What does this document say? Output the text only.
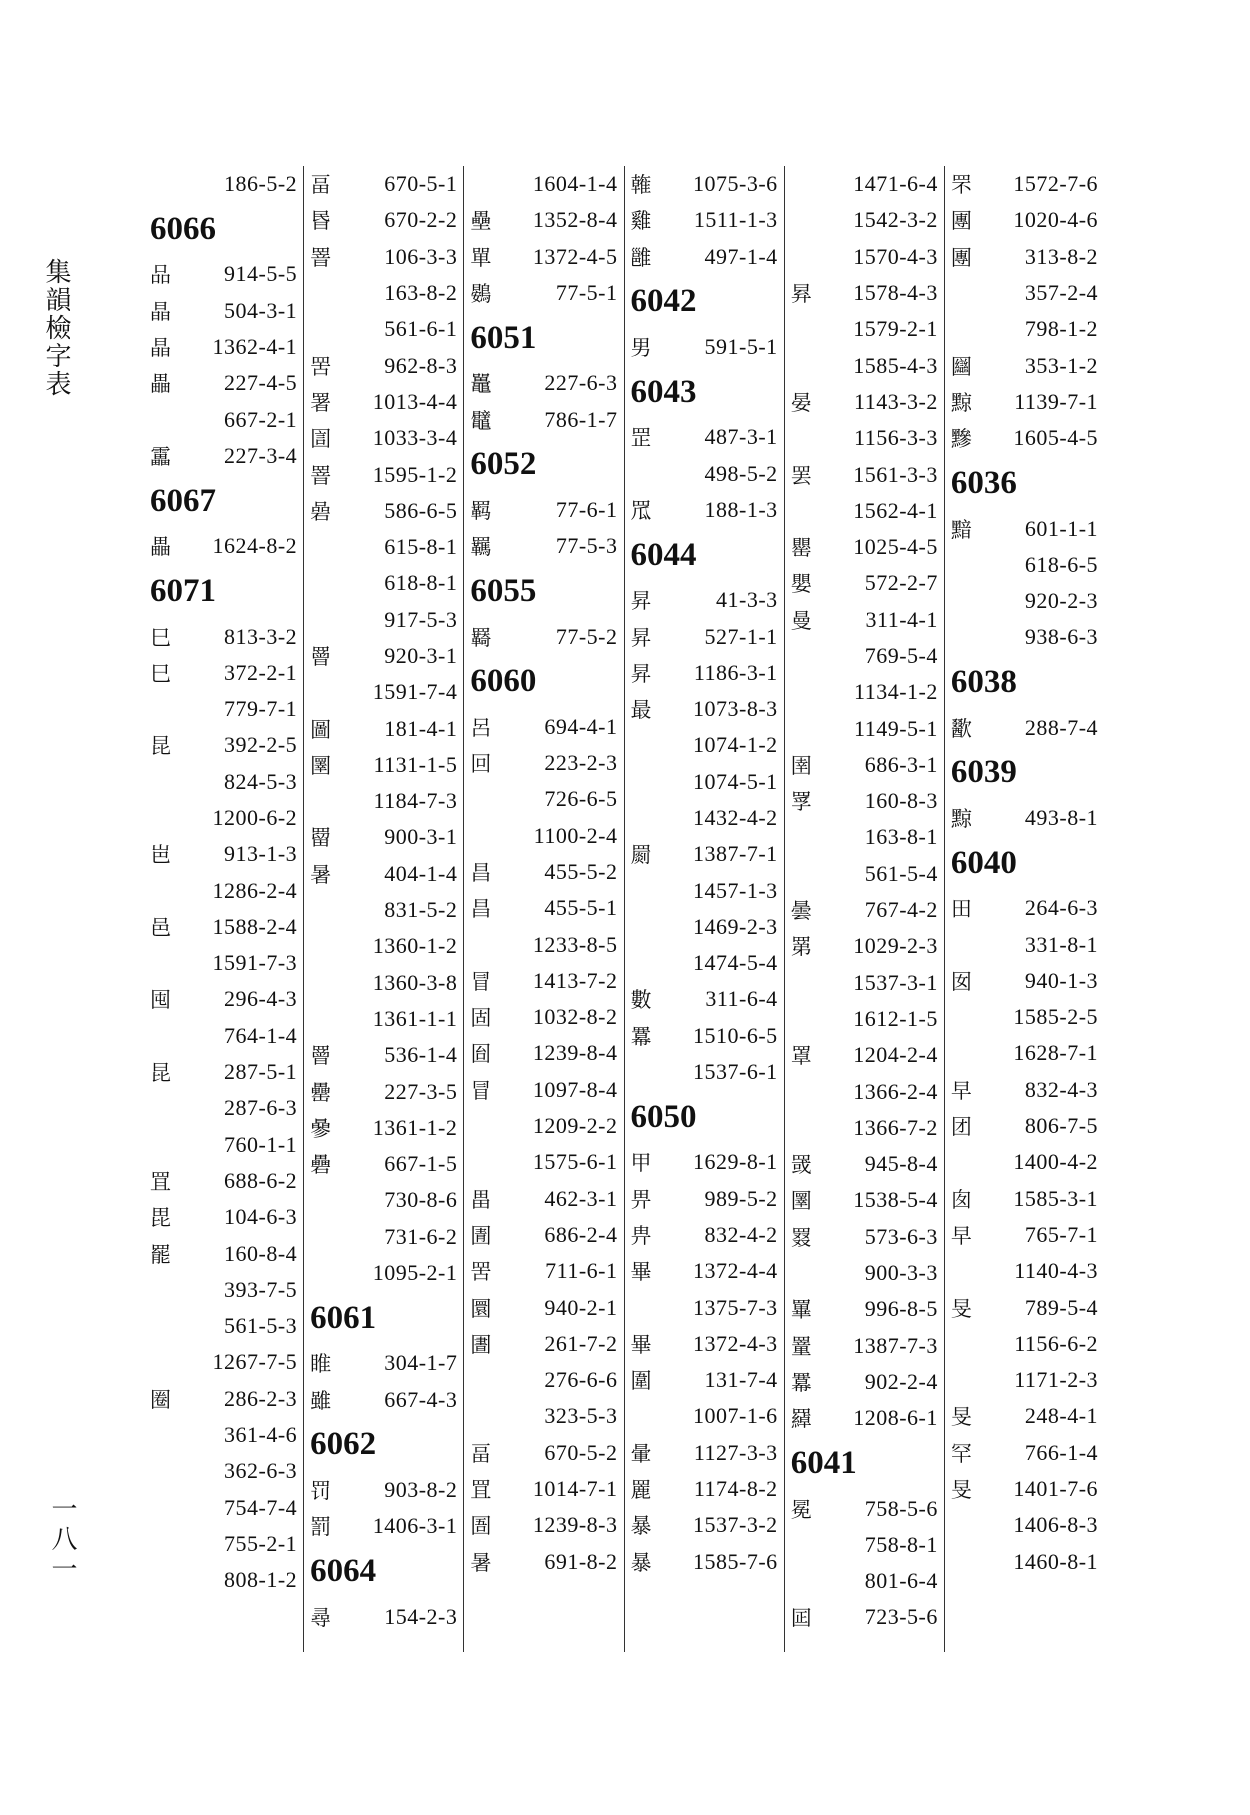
集韻檢字表
一八一
186-5-2
6066
品	914-5-5
晶	504-3-1
晶	1362-4-1
畾	227-4-5
667-2-1
靁	227-3-4
6067
畾	1624-8-2
6071
巳	813-3-2
巳	372-2-1
779-7-1
昆	392-2-5
824-5-3
1200-6-2
岜	913-1-3
1286-2-4
邑	1588-2-4
1591-7-3
囤	296-4-3
764-1-4
昆	287-5-1
287-6-3
760-1-1
罝	688-6-2
毘	104-6-3
罷	160-8-4
393-7-5
561-5-3
1267-7-5
圈	286-2-3
361-4-6
362-6-3
754-7-4
755-2-1
808-1-2
畐	670-5-1
昬	670-2-2
罯	106-3-3
163-8-2
561-6-1
罟	962-8-3
署	1013-4-4
圁	1033-3-4
罯	1595-1-2
碞	586-6-5
615-8-1
618-8-1
917-5-3
罾	920-3-1
1591-7-4
圖	181-4-1
圛	1131-1-5
1184-7-3
罶	900-3-1
暑	404-1-4
831-5-2
1360-1-2
1360-3-8
1361-1-1
罾	536-1-4
罍	227-3-5
曑	1361-1-2
礨	667-1-5
730-8-6
731-6-2
1095-2-1
6061
睢	304-1-7
雖	667-4-3
6062
罚	903-8-2
罰	1406-3-1
6064
尋	154-2-3
1604-1-4
壘	1352-8-4
單	1372-4-5
鷃	77-5-1
6051
鼉	227-6-3
鼊	786-1-7
6052
羁	77-6-1
羈	77-5-3
6055
羇	77-5-2
6060
呂	694-4-1
回	223-2-3
726-6-5
1100-2-4
昌	455-5-2
昌	455-5-1
1233-8-5
冒	1413-7-2
固	1032-8-2
囼	1239-8-4
冒	1097-8-4
1209-2-2
1575-6-1
畕	462-3-1
圊	686-2-4
罟	711-6-1
圜	940-2-1
圕	261-7-2
276-6-6
323-5-3
畐	670-5-2
罝	1014-7-1
圄	1239-8-3
暑	691-8-2
雗	1075-3-6
雞	1511-1-3
雝	497-1-4
6042
男	591-5-1
6043
罡	487-3-1
498-5-2
罛	188-1-3
6044
昇	41-3-3
昇	527-1-1
昇	1186-3-1
最	1073-8-3
1074-1-2
1074-5-1
1432-4-2
罽	1387-7-1
1457-1-3
1469-2-3
1474-5-4
數	311-6-4
羃	1510-6-5
1537-6-1
6050
甲	1629-8-1
畀	989-5-2
畁	832-4-2
畢	1372-4-4
1375-7-3
畢	1372-4-3
圍	131-7-4
1007-1-6
暈	1127-3-3
䍡	1174-8-2
暴	1537-3-2
暴	1585-7-6
1471-6-4
1542-3-2
1570-4-3
昪	1578-4-3
1579-2-1
1585-4-3
晏	1143-3-2
1156-3-3
罢	1561-3-3
1562-4-1
罌	1025-4-5
嬰	572-2-7
曼	311-4-1
769-5-4
1134-1-2
1149-5-1
圉	686-3-1
罦	160-8-3
163-8-1
561-5-4
曇	767-4-2
罤	1029-2-3
1537-3-1
1612-1-5
罩	1204-2-4
1366-2-4
1366-7-2
罭	945-8-4
圛	1538-5-4
罬	573-6-3
900-3-3
罼	996-8-5
罿	1387-7-3
羃	902-2-4
羄	1208-6-1
6041
冕	758-5-6
758-8-1
801-6-4
囸	723-5-6
罘	1572-7-6
團	1020-4-6
團	313-8-2
357-2-4
798-1-2
圝	353-1-2
黥	1139-7-1
黲	1605-4-5
6036
黯	601-1-1
618-6-5
920-2-3
938-6-3
6038
歠	288-7-4
6039
黥	493-8-1
6040
田	264-6-3
331-8-1
囡	940-1-3
1585-2-5
1628-7-1
早	832-4-3
团	806-7-5
1400-4-2
囱	1585-3-1
早	765-7-1
1140-4-3
旻	789-5-4
1156-6-2
1171-2-3
旻	248-4-1
罕	766-1-4
旻	1401-7-6
1406-8-3
1460-8-1
